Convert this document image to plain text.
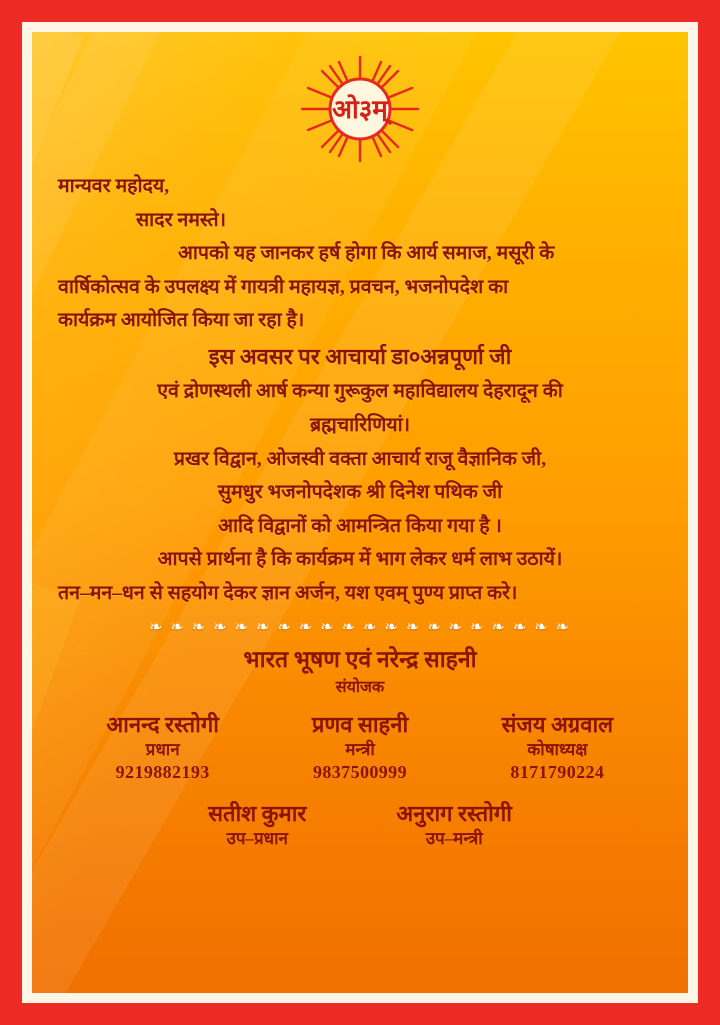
ओ३म्
मान्यवर महोदय,
सादर नमस्ते।
आपको यह जानकर हर्ष होगा कि आर्य समाज, मसूरी के
वार्षिकोत्सव के उपलक्ष्य में गायत्री महायज्ञ, प्रवचन, भजनोपदेश का
कार्यक्रम आयोजित किया जा रहा है।
इस अवसर पर आचार्या डा०अन्नपूर्णा जी
एवं द्रोणस्थली आर्ष कन्या गुरूकुल महाविद्यालय देहरादून की
ब्रह्मचारिणियां।
प्रखर विद्वान, ओजस्वी वक्ता आचार्य राजू वैज्ञानिक जी,
सुमधुर भजनोपदेशक श्री दिनेश पथिक जी
आदि विद्वानों को आमन्त्रित किया गया है ।
आपसे प्रार्थना है कि कार्यक्रम में भाग लेकर धर्म लाभ उठायें।
तन–मन–धन से सहयोग देकर ज्ञान अर्जन, यश एवम् पुण्य प्राप्त करे।
❧ ❧ ❧ ❧ ❧ ❧ ❧ ❧ ❧ ❧ ❧ ❧ ❧ ❧ ❧ ❧ ❧ ❧ ❧ ❧
भारत भूषण एवं नरेन्द्र साहनी
संयोजक
आनन्द रस्तोगी
प्रधान
9219882193
प्रणव साहनी
मन्त्री
9837500999
संजय अग्रवाल
कोषाध्यक्ष
8171790224
सतीश कुमार
उप–प्रधान
अनुराग रस्तोगी
उप–मन्त्री
